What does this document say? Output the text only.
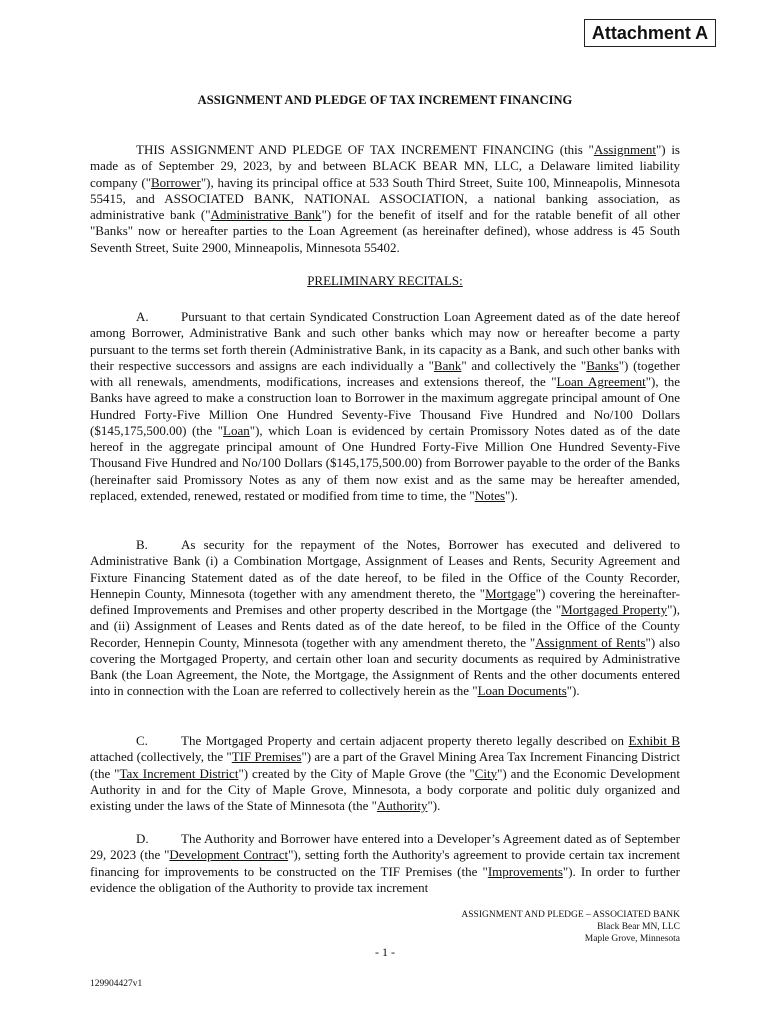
Attachment A
ASSIGNMENT AND PLEDGE OF TAX INCREMENT FINANCING
THIS ASSIGNMENT AND PLEDGE OF TAX INCREMENT FINANCING (this "Assignment") is made as of September 29, 2023, by and between BLACK BEAR MN, LLC, a Delaware limited liability company ("Borrower"), having its principal office at 533 South Third Street, Suite 100, Minneapolis, Minnesota 55415, and ASSOCIATED BANK, NATIONAL ASSOCIATION, a national banking association, as administrative bank ("Administrative Bank") for the benefit of itself and for the ratable benefit of all other "Banks" now or hereafter parties to the Loan Agreement (as hereinafter defined), whose address is 45 South Seventh Street, Suite 2900, Minneapolis, Minnesota 55402.
PRELIMINARY RECITALS:
A. Pursuant to that certain Syndicated Construction Loan Agreement dated as of the date hereof among Borrower, Administrative Bank and such other banks which may now or hereafter become a party pursuant to the terms set forth therein (Administrative Bank, in its capacity as a Bank, and such other banks with their respective successors and assigns are each individually a "Bank" and collectively the "Banks") (together with all renewals, amendments, modifications, increases and extensions thereof, the "Loan Agreement"), the Banks have agreed to make a construction loan to Borrower in the maximum aggregate principal amount of One Hundred Forty-Five Million One Hundred Seventy-Five Thousand Five Hundred and No/100 Dollars ($145,175,500.00) (the "Loan"), which Loan is evidenced by certain Promissory Notes dated as of the date hereof in the aggregate principal amount of One Hundred Forty-Five Million One Hundred Seventy-Five Thousand Five Hundred and No/100 Dollars ($145,175,500.00) from Borrower payable to the order of the Banks (hereinafter said Promissory Notes as any of them now exist and as the same may be hereafter amended, replaced, extended, renewed, restated or modified from time to time, the "Notes").
B.	As security for the repayment of the Notes, Borrower has executed and delivered to Administrative Bank (i) a Combination Mortgage, Assignment of Leases and Rents, Security Agreement and Fixture Financing Statement dated as of the date hereof, to be filed in the Office of the County Recorder, Hennepin County, Minnesota (together with any amendment thereto, the "Mortgage") covering the hereinafter-defined Improvements and Premises and other property described in the Mortgage (the "Mortgaged Property"), and (ii) Assignment of Leases and Rents dated as of the date hereof, to be filed in the Office of the County Recorder, Hennepin County, Minnesota (together with any amendment thereto, the "Assignment of Rents") also covering the Mortgaged Property, and certain other loan and security documents as required by Administrative Bank (the Loan Agreement, the Note, the Mortgage, the Assignment of Rents and the other documents entered into in connection with the Loan are referred to collectively herein as the "Loan Documents").
C.	The Mortgaged Property and certain adjacent property thereto legally described on Exhibit B attached (collectively, the "TIF Premises") are a part of the Gravel Mining Area Tax Increment Financing District (the "Tax Increment District") created by the City of Maple Grove (the "City") and the Economic Development Authority in and for the City of Maple Grove, Minnesota, a body corporate and politic duly organized and existing under the laws of the State of Minnesota (the "Authority").
D. The Authority and Borrower have entered into a Developer’s Agreement dated as of September 29, 2023 (the "Development Contract"), setting forth the Authority's agreement to provide certain tax increment financing for improvements to be constructed on the TIF Premises (the "Improvements"). In order to further evidence the obligation of the Authority to provide tax increment
ASSIGNMENT AND PLEDGE – ASSOCIATED BANK
Black Bear MN, LLC
Maple Grove, Minnesota
- 1 -
129904427v1
